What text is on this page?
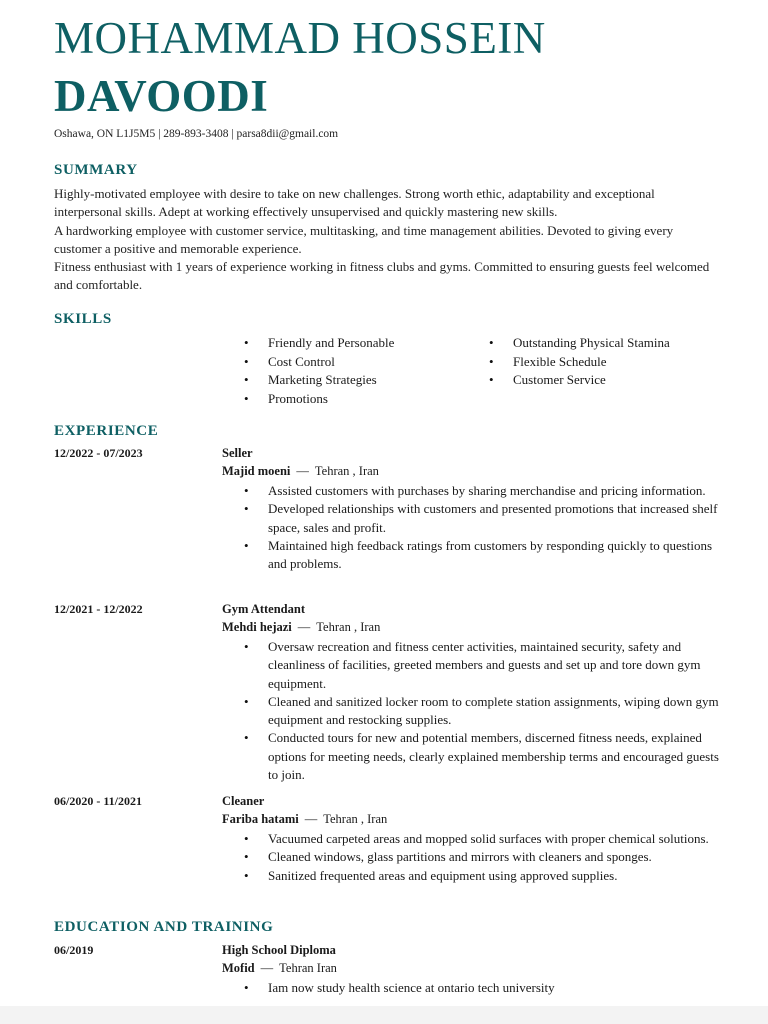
MOHAMMAD HOSSEIN
DAVOODI
Oshawa, ON L1J5M5 | 289-893-3408 | parsa8dii@gmail.com
SUMMARY

Highly-motivated employee with desire to take on new challenges. Strong worth ethic, adaptability and exceptional interpersonal skills. Adept at working effectively unsupervised and quickly mastering new skills.

A hardworking employee with customer service, multitasking, and time management abilities. Devoted to giving every customer a positive and memorable experience.

Fitness enthusiast with 1 years of experience working in fitness clubs and gyms. Committed to ensuring guests feel welcomed and comfortable.

SKILLS
• Friendly and Personable
• Cost Control
• Marketing Strategies
• Promotions
• Outstanding Physical Stamina
• Flexible Schedule
• Customer Service
EXPERIENCE
12/2022 - 07/2023	Seller
Majid moeni — Tehran , Iran
• Assisted customers with purchases by sharing merchandise and pricing information.
• Developed relationships with customers and presented promotions that increased shelf space, sales and profit.
• Maintained high feedback ratings from customers by responding quickly to questions and problems.
12/2021 - 12/2022	Gym Attendant
Mehdi hejazi — Tehran , Iran
• Oversaw recreation and fitness center activities, maintained security, safety and cleanliness of facilities, greeted members and guests and set up and tore down gym equipment.
• Cleaned and sanitized locker room to complete station assignments, wiping down gym equipment and restocking supplies.
• Conducted tours for new and potential members, discerned fitness needs, explained options for meeting needs, clearly explained membership terms and encouraged guests to join.
06/2020 - 11/2021	Cleaner
Fariba hatami — Tehran , Iran
• Vacuumed carpeted areas and mopped solid surfaces with proper chemical solutions.
• Cleaned windows, glass partitions and mirrors with cleaners and sponges.
• Sanitized frequented areas and equipment using approved supplies.
EDUCATION AND TRAINING
06/2019	High School Diploma
Mofid — Tehran Iran
• Iam now study health science at ontario tech university
